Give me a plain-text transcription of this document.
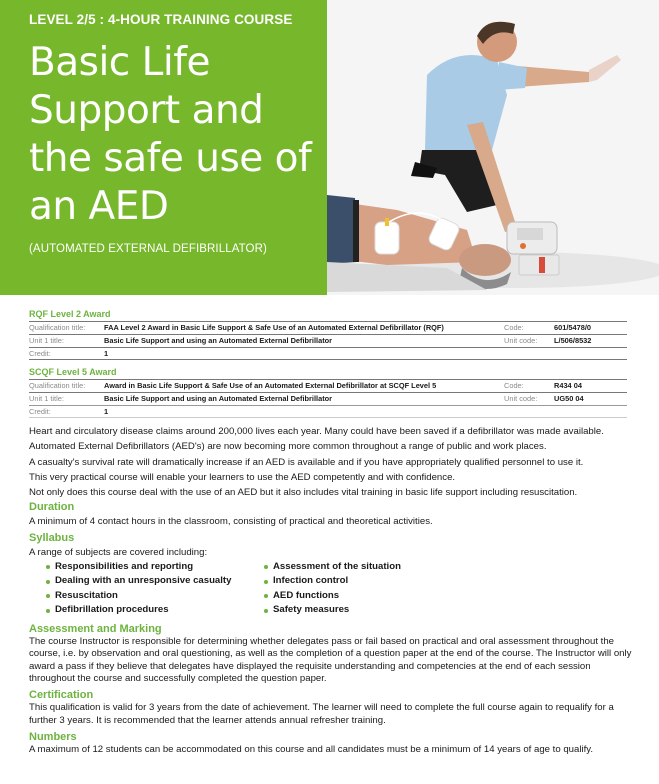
LEVEL 2/5 : 4-HOUR TRAINING COURSE
Basic Life
Support and
the safe use of
an AED
(AUTOMATED EXTERNAL DEFIBRILLATOR)
RQF Level 2 Award
Qualification title:	FAA Level 2 Award in Basic Life Support & Safe Use of an Automated External Defibrillator (RQF)	Code:	601/5478/0
Unit 1 title:	Basic Life Support and using an Automated External Defibrillator	Unit code:	L/506/8532
Credit:	1
SCQF Level 5 Award
Qualification title:	Award in Basic Life Support & Safe Use of an Automated External Defibrillator at SCQF Level 5	Code:	R434 04
Unit 1 title:	Basic Life Support and using an Automated External Defibrillator	Unit code:	UG50 04
Credit:	1
Heart and circulatory disease claims around 200,000 lives each year. Many could have been saved if a defibrillator was made available.
Automated External Defibrillators (AED's) are now becoming more common throughout a range of public and work places.
A casualty's survival rate will dramatically increase if an AED is available and if you have appropriately qualified personnel to use it.
This very practical course will enable your learners to use the AED competently and with confidence.
Not only does this course deal with the use of an AED but it also includes vital training in basic life support including resuscitation.
Duration
A minimum of 4 contact hours in the classroom, consisting of practical and theoretical activities.
Syllabus
A range of subjects are covered including:
Responsibilities and reporting	Assessment of the situation
Dealing with an unresponsive casualty	Infection control
Resuscitation	AED functions
Defibrillation procedures	Safety measures
Assessment and Marking
The course Instructor is responsible for determining whether delegates pass or fail based on practical and oral assessment throughout the course, i.e. by observation and oral questioning, as well as the completion of a question paper at the end of the course. The Instructor will only award a pass if they believe that delegates have displayed the requisite understanding and competencies at the end of each session throughout the course and successfully completed the question paper.
Certification
This qualification is valid for 3 years from the date of achievement. The learner will need to complete the full course again to requalify for a further 3 years. It is recommended that the learner attends annual refresher training.
Numbers
A maximum of 12 students can be accommodated on this course and all candidates must be a minimum of 14 years of age to qualify.
